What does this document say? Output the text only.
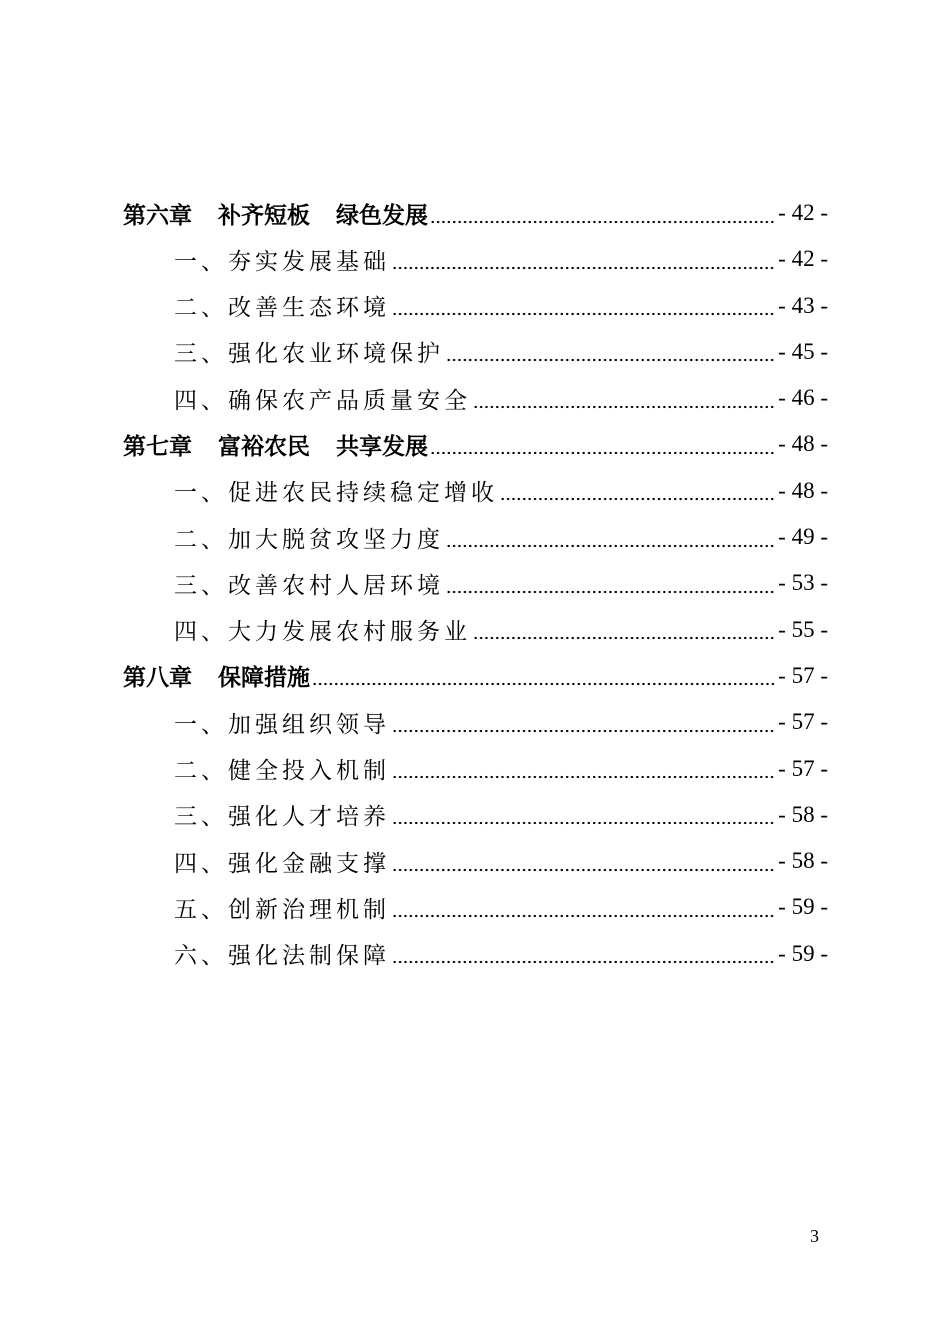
第六章 补齐短板 绿色发展	- 42 -
一、夯实发展基础	- 42 -
二、改善生态环境	- 43 -
三、强化农业环境保护	- 45 -
四、确保农产品质量安全	- 46 -
第七章 富裕农民 共享发展	- 48 -
一、促进农民持续稳定增收	- 48 -
二、加大脱贫攻坚力度	- 49 -
三、改善农村人居环境	- 53 -
四、大力发展农村服务业	- 55 -
第八章 保障措施	- 57 -
一、加强组织领导	- 57 -
二、健全投入机制	- 57 -
三、强化人才培养	- 58 -
四、强化金融支撑	- 58 -
五、创新治理机制	- 59 -
六、强化法制保障	- 59 -
3
